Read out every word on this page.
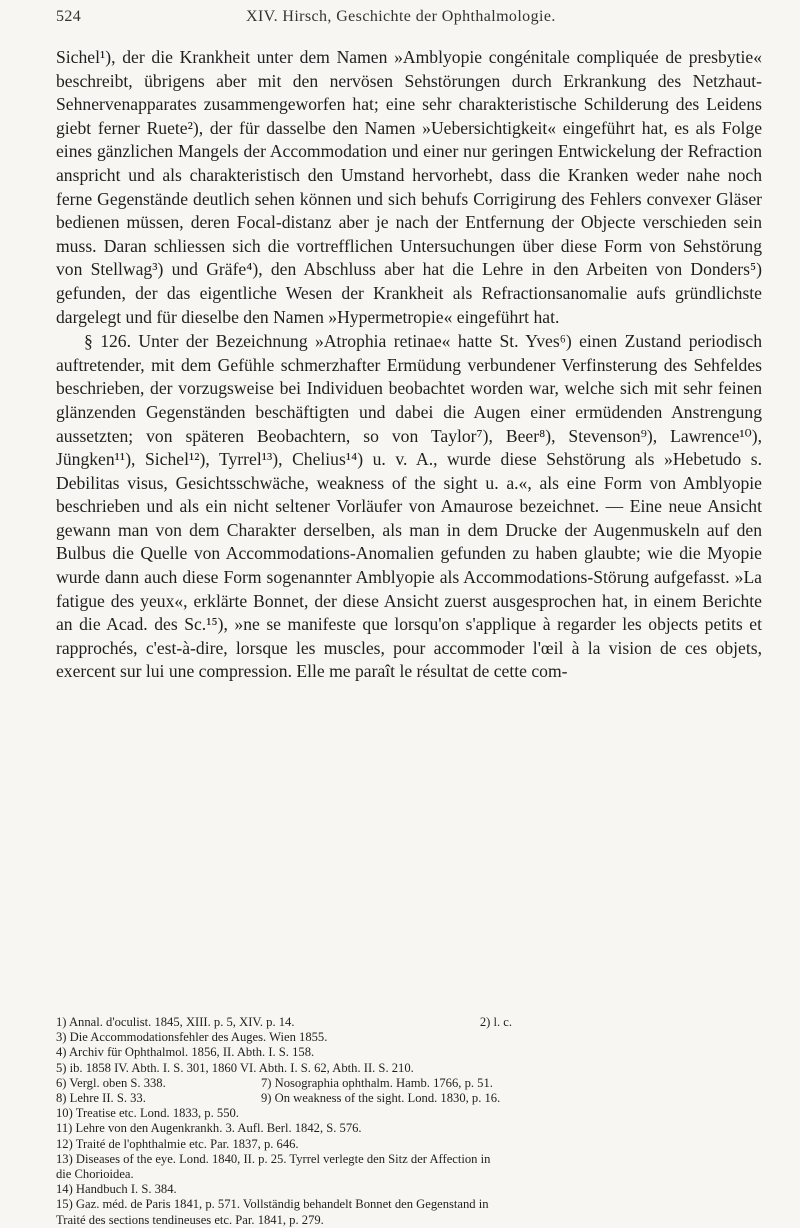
524	XIV. Hirsch, Geschichte der Ophthalmologie.

Sichel¹), der die Krankheit unter dem Namen »Amblyopie congénitale compliquée de presbytie« beschreibt, übrigens aber mit den nervösen Sehstörungen durch Erkrankung des Netzhaut-Sehnervenapparates zusammengeworfen hat; eine sehr charakteristische Schilderung des Leidens giebt ferner Ruete²), der für dasselbe den Namen »Uebersichtigkeit« eingeführt hat, es als Folge eines gänzlichen Mangels der Accommodation und einer nur geringen Entwickelung der Refraction anspricht und als charakteristisch den Umstand hervorhebt, dass die Kranken weder nahe noch ferne Gegenstände deutlich sehen können und sich behufs Corrigirung des Fehlers convexer Gläser bedienen müssen, deren Focal-distanz aber je nach der Entfernung der Objecte verschieden sein muss. Daran schliessen sich die vortrefflichen Untersuchungen über diese Form von Sehstörung von Stellwag³) und Gräfe⁴), den Abschluss aber hat die Lehre in den Arbeiten von Donders⁵) gefunden, der das eigentliche Wesen der Krankheit als Refractionsanomalie aufs gründlichste dargelegt und für dieselbe den Namen »Hypermetropie« eingeführt hat.

§ 126. Unter der Bezeichnung »Atrophia retinae« hatte St. Yves⁶) einen Zustand periodisch auftretender, mit dem Gefühle schmerzhafter Ermüdung verbundener Verfinsterung des Sehfeldes beschrieben, der vorzugsweise bei Individuen beobachtet worden war, welche sich mit sehr feinen glänzenden Gegenständen beschäftigten und dabei die Augen einer ermüdenden Anstrengung aussetzten; von späteren Beobachtern, so von Taylor⁷), Beer⁸), Stevenson⁹), Lawrence¹⁰), Jüngken¹¹), Sichel¹²), Tyrrel¹³), Chelius¹⁴) u. v. A., wurde diese Sehstörung als »Hebetudo s. Debilitas visus, Gesichtsschwäche, weakness of the sight u. a.«, als eine Form von Amblyopie beschrieben und als ein nicht seltener Vorläufer von Amaurose bezeichnet. — Eine neue Ansicht gewann man von dem Charakter derselben, als man in dem Drucke der Augenmuskeln auf den Bulbus die Quelle von Accommodations-Anomalien gefunden zu haben glaubte; wie die Myopie wurde dann auch diese Form sogenannter Amblyopie als Accommodations-Störung aufgefasst. »La fatigue des yeux«, erklärte Bonnet, der diese Ansicht zuerst ausgesprochen hat, in einem Berichte an die Acad. des Sc.¹⁵), »ne se manifeste que lorsqu'on s'applique à regarder les objects petits et rapprochés, c'est-à-dire, lorsque les muscles, pour accommoder l'œil à la vision de ces objets, exercent sur lui une compression. Elle me paraît le résultat de cette com-

1) Annal. d'oculist. 1845, XIII. p. 5, XIV. p. 14.	2) l. c.
3) Die Accommodationsfehler des Auges. Wien 1855.
4) Archiv für Ophthalmol. 1856, II. Abth. I. S. 158.
5) ib. 1858 IV. Abth. I. S. 301, 1860 VI. Abth. I. S. 62, Abth. II. S. 210.
6) Vergl. oben S. 338.	7) Nosographia ophthalm. Hamb. 1766, p. 51.
8) Lehre II. S. 33.	9) On weakness of the sight. Lond. 1830, p. 16.
10) Treatise etc. Lond. 1833, p. 550.
11) Lehre von den Augenkrankh. 3. Aufl. Berl. 1842, S. 576.
12) Traité de l'ophthalmie etc. Par. 1837, p. 646.
13) Diseases of the eye. Lond. 1840, II. p. 25. Tyrrel verlegte den Sitz der Affection in
die Chorioidea.
14) Handbuch I. S. 384.
15) Gaz. méd. de Paris 1841, p. 571. Vollständig behandelt Bonnet den Gegenstand in
Traité des sections tendineuses etc. Par. 1841, p. 279.
